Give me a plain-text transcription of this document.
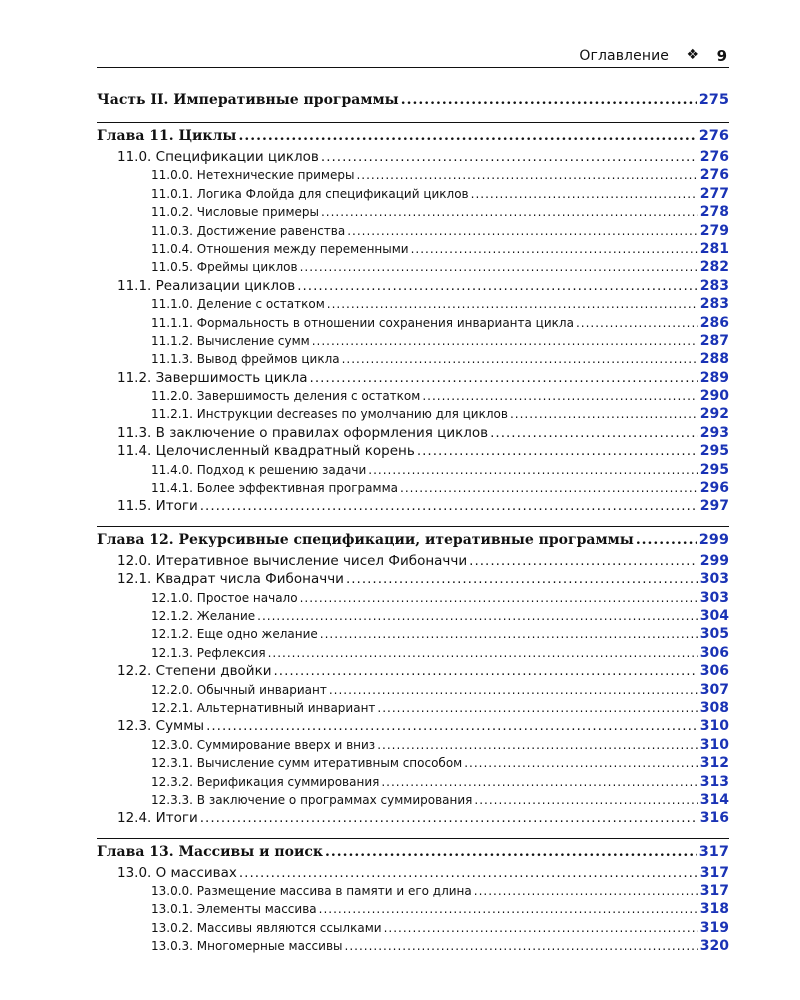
Оглавление ❖ 9
Часть II. Императивные программы .....	275
Глава 11. Циклы .....	276
11.0. Спецификации циклов .....	276
11.0.0. Нетехнические примеры .....	276
11.0.1. Логика Флойда для спецификаций циклов .....	277
11.0.2. Числовые примеры .....	278
11.0.3. Достижение равенства .....	279
11.0.4. Отношения между переменными .....	281
11.0.5. Фреймы циклов .....	282
11.1. Реализации циклов .....	283
11.1.0. Деление с остатком .....	283
11.1.1. Формальность в отношении сохранения инварианта цикла .....	286
11.1.2. Вычисление сумм .....	287
11.1.3. Вывод фреймов цикла .....	288
11.2. Завершимость цикла .....	289
11.2.0. Завершимость деления с остатком .....	290
11.2.1. Инструкции decreases по умолчанию для циклов .....	292
11.3. В заключение о правилах оформления циклов .....	293
11.4. Целочисленный квадратный корень .....	295
11.4.0. Подход к решению задачи .....	295
11.4.1. Более эффективная программа .....	296
11.5. Итоги .....	297
Глава 12. Рекурсивные спецификации, итеративные программы .....	299
12.0. Итеративное вычисление чисел Фибоначчи .....	299
12.1. Квадрат числа Фибоначчи .....	303
12.1.0. Простое начало .....	303
12.1.2. Желание .....	304
12.1.2. Еще одно желание .....	305
12.1.3. Рефлексия .....	306
12.2. Степени двойки .....	306
12.2.0. Обычный инвариант .....	307
12.2.1. Альтернативный инвариант .....	308
12.3. Суммы .....	310
12.3.0. Суммирование вверх и вниз .....	310
12.3.1. Вычисление сумм итеративным способом .....	312
12.3.2. Верификация суммирования .....	313
12.3.3. В заключение о программах суммирования .....	314
12.4. Итоги .....	316
Глава 13. Массивы и поиск .....	317
13.0. О массивах .....	317
13.0.0. Размещение массива в памяти и его длина .....	317
13.0.1. Элементы массива .....	318
13.0.2. Массивы являются ссылками .....	319
13.0.3. Многомерные массивы .....	320
